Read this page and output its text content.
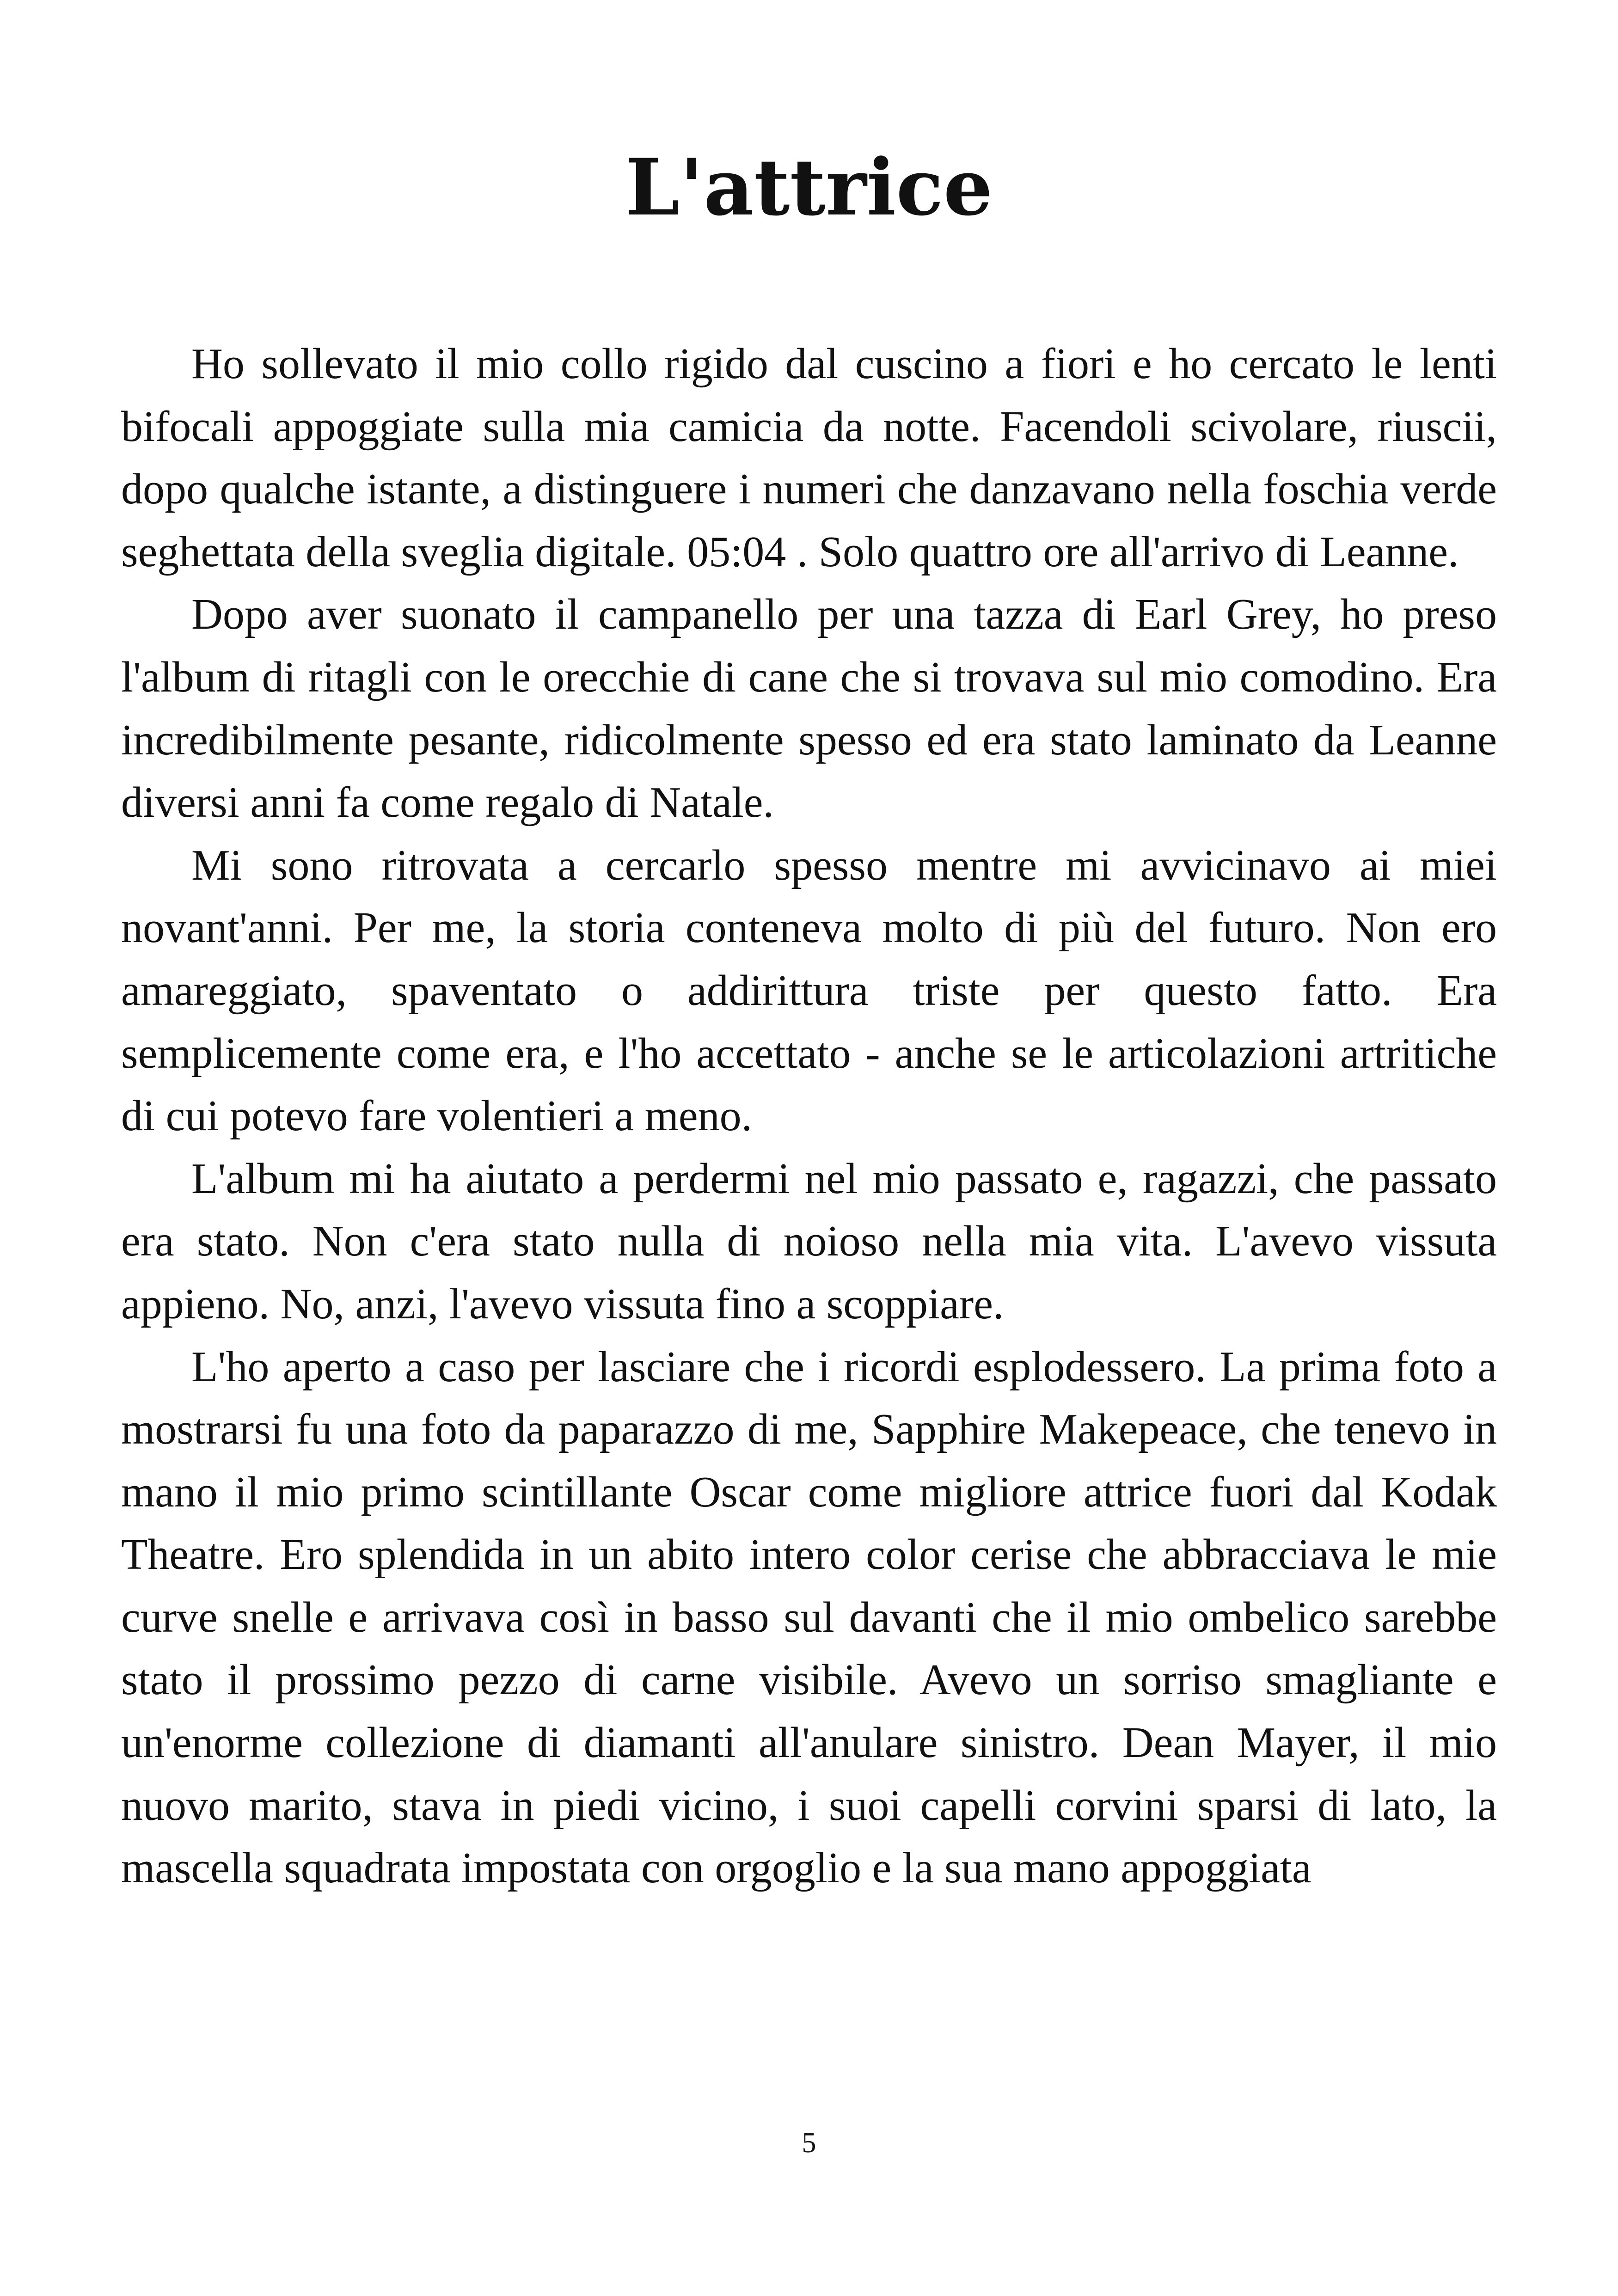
L'attrice

Ho sollevato il mio collo rigido dal cuscino a fiori e ho cercato le lenti bifocali appoggiate sulla mia camicia da notte. Facendoli scivolare, riuscii, dopo qualche istante, a distinguere i numeri che danzavano nella foschia verde seghettata della sveglia digitale. 05:04 . Solo quattro ore all'arrivo di Leanne.

Dopo aver suonato il campanello per una tazza di Earl Grey, ho preso l'album di ritagli con le orecchie di cane che si trovava sul mio comodino. Era incredibilmente pesante, ridicolmente spesso ed era stato laminato da Leanne diversi anni fa come regalo di Natale.

Mi sono ritrovata a cercarlo spesso mentre mi avvicinavo ai miei novant'anni. Per me, la storia conteneva molto di più del futuro. Non ero amareggiato, spaventato o addirittura triste per questo fatto. Era semplicemente come era, e l'ho accettato - anche se le articolazioni artritiche di cui potevo fare volentieri a meno.

L'album mi ha aiutato a perdermi nel mio passato e, ragazzi, che passato era stato. Non c'era stato nulla di noioso nella mia vita. L'avevo vissuta appieno. No, anzi, l'avevo vissuta fino a scoppiare.

L'ho aperto a caso per lasciare che i ricordi esplodessero. La prima foto a mostrarsi fu una foto da paparazzo di me, Sapphire Makepeace, che tenevo in mano il mio primo scintillante Oscar come migliore attrice fuori dal Kodak Theatre. Ero splendida in un abito intero color cerise che abbracciava le mie curve snelle e arrivava così in basso sul davanti che il mio ombelico sarebbe stato il prossimo pezzo di carne visibile. Avevo un sorriso smagliante e un'enorme collezione di diamanti all'anulare sinistro. Dean Mayer, il mio nuovo marito, stava in piedi vicino, i suoi capelli corvini sparsi di lato, la mascella squadrata impostata con orgoglio e la sua mano appoggiata

5
